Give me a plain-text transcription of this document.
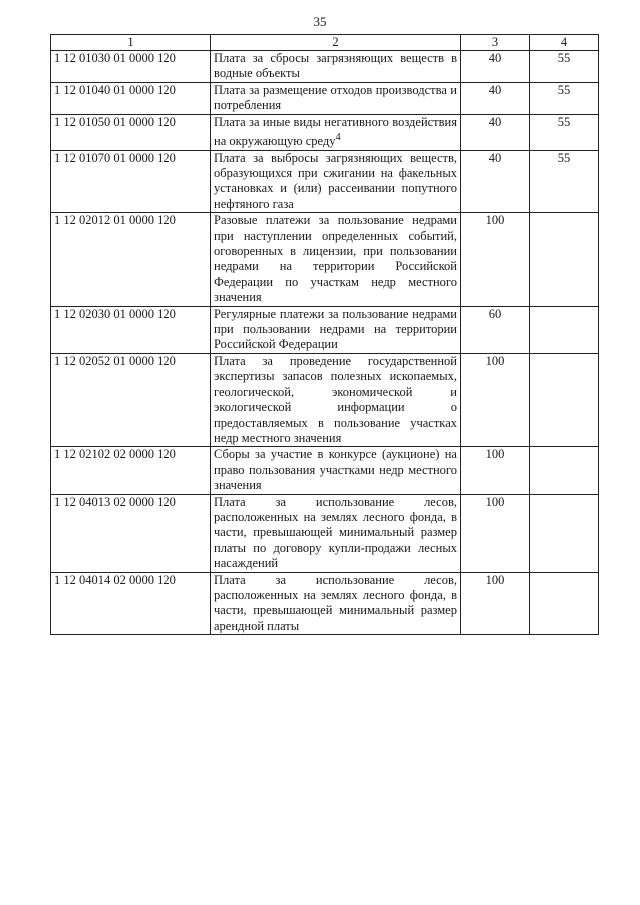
35
1	2	3	4
1 12 01030 01 0000 120	Плата за сбросы загрязняющих веществ в водные объекты	40	55

1 12 01040 01 0000 120	Плата за размещение отходов производства и потребления	40	55

1 12 01050 01 0000 120	Плата за иные виды негативного воздействия на окружающую среду$^4$	40	55

1 12 01070 01 0000 120	Плата за выбросы загрязняющих веществ, образующихся при сжигании на факельных установках и (или) рассеивании попутного нефтяного газа	40	55

1 12 02012 01 0000 120	Разовые платежи за пользование недрами при наступлении определенных событий, оговоренных в лицензии, при пользовании недрами на территории Российской Федерации по участкам недр местного значения	100	

1 12 02030 01 0000 120	Регулярные платежи за пользование недрами при пользовании недрами на территории Российской Федерации	60	

1 12 02052 01 0000 120	Плата за проведение государственной экспертизы запасов полезных ископаемых, геологической, экономической и экологической информации о предоставляемых в пользование участках недр местного значения	100	

1 12 02102 02 0000 120	Сборы за участие в конкурсе (аукционе) на право пользования участками недр местного значения	100	

1 12 04013 02 0000 120	Плата за использование лесов, расположенных на землях лесного фонда, в части, превышающей минимальный размер платы по договору купли-продажи лесных насаждений	100	

1 12 04014 02 0000 120	Плата за использование лесов, расположенных на землях лесного фонда, в части, превышающей минимальный размер арендной платы	100	
